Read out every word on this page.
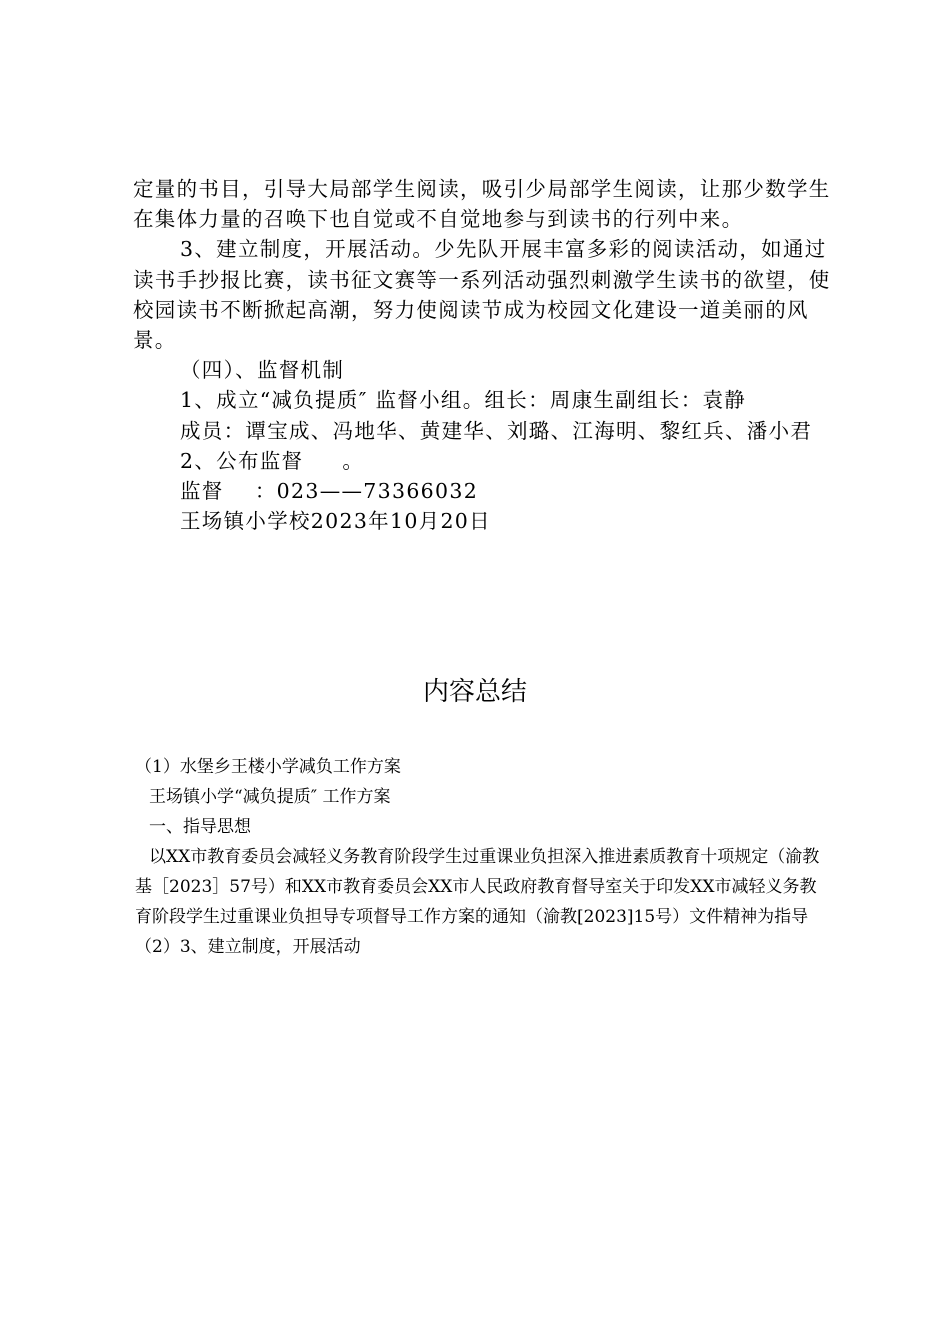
定量的书目，引导大局部学生阅读，吸引少局部学生阅读，让那少数学生在集体力量的召唤下也自觉或不自觉地参与到读书的行列中来。

3、建立制度，开展活动。少先队开展丰富多彩的阅读活动，如通过读书手抄报比赛，读书征文赛等一系列活动强烈刺激学生读书的欲望，使校园读书不断掀起高潮，努力使阅读节成为校园文化建设一道美丽的风景。

（四）、监督机制

1、成立“减负提质″ 监督小组。组长：周康生副组长：袁静

成员：谭宝成、冯地华、黄建华、刘璐、江海明、黎红兵、潘小君

2、公布监督     。

监督    ：023——73366032

王场镇小学校2023年10月20日

内容总结

（1）水堡乡王楼小学减负工作方案

王场镇小学“减负提质″ 工作方案

一、指导思想

以XX市教育委员会减轻义务教育阶段学生过重课业负担深入推进素质教育十项规定（渝教基［2023］57号）和XX市教育委员会XX市人民政府教育督导室关于印发XX市减轻义务教育阶段学生过重课业负担导专项督导工作方案的通知（渝教[2023]15号）文件精神为指导

（2）3、建立制度，开展活动
